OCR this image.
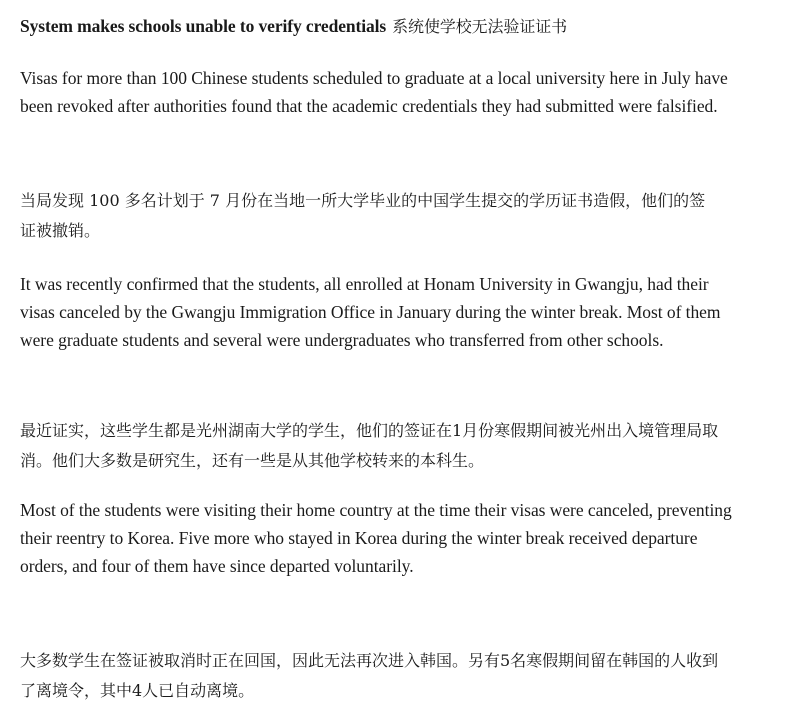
System makes schools unable to verify credentials 系统使学校无法验证证书

Visas for more than 100 Chinese students scheduled to graduate at a local university here in July have been revoked after authorities found that the academic credentials they had submitted were falsified.

当局发现 100 多名计划于 7 月份在当地一所大学毕业的中国学生提交的学历证书造假，他们的签证被撤销。

It was recently confirmed that the students, all enrolled at Honam University in Gwangju, had their visas canceled by the Gwangju Immigration Office in January during the winter break. Most of them were graduate students and several were undergraduates who transferred from other schools.

最近证实，这些学生都是光州湖南大学的学生，他们的签证在1月份寒假期间被光州出入境管理局取消。他们大多数是研究生，还有一些是从其他学校转来的本科生。

Most of the students were visiting their home country at the time their visas were canceled, preventing their reentry to Korea. Five more who stayed in Korea during the winter break received departure orders, and four of them have since departed voluntarily.

大多数学生在签证被取消时正在回国，因此无法再次进入韩国。另有5名寒假期间留在韩国的人收到了离境令，其中4人已自动离境。
